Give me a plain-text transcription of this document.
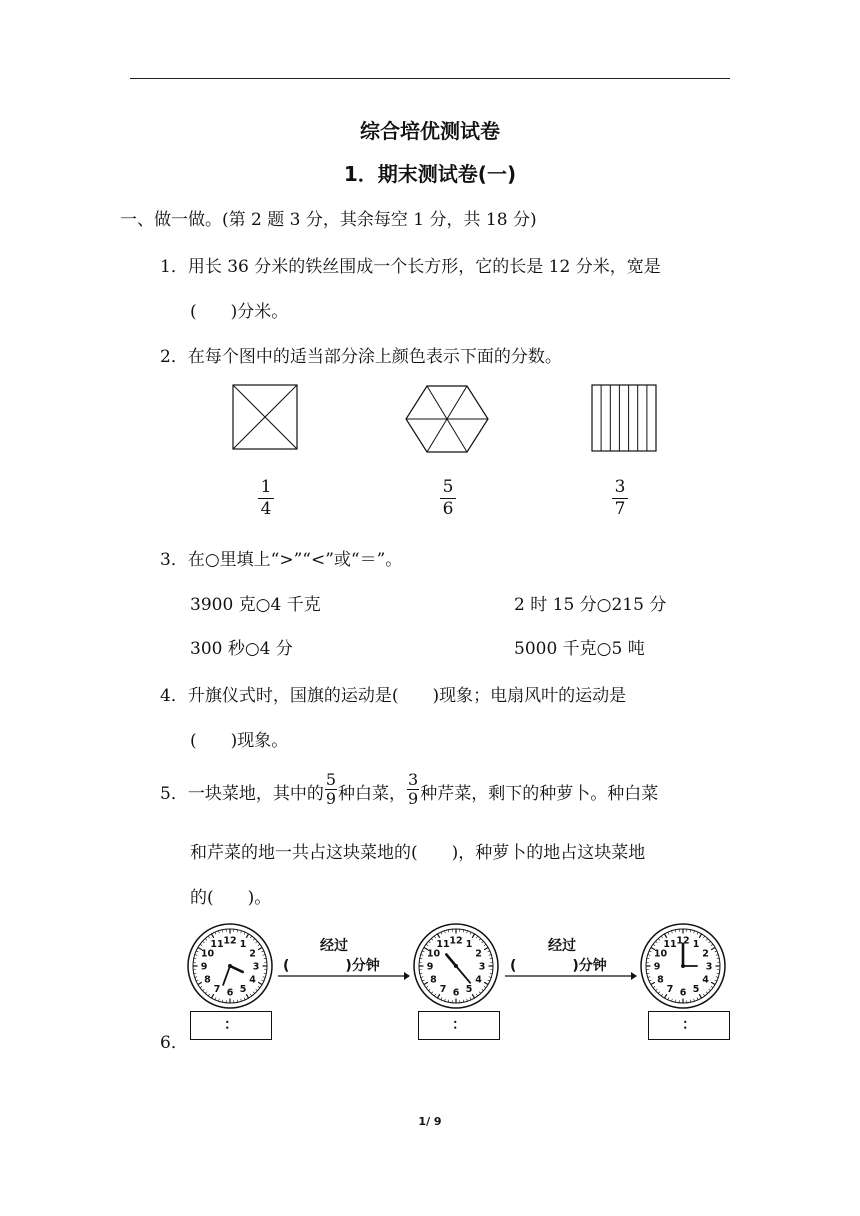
综合培优测试卷
1．期末测试卷(一)
一、做一做。(第 2 题 3 分，其余每空 1 分，共 18 分)
1．用长 36 分米的铁丝围成一个长方形，它的长是 12 分米，宽是
(　　)分米。
2．在每个图中的适当部分涂上颜色表示下面的分数。
$\frac{1}{4}$	$\frac{5}{6}$	$\frac{3}{7}$
3．在○里填上“>”“<”或“＝”。
3900 克○4 千克	2 时 15 分○215 分
300 秒○4 分	5000 千克○5 吨
4．升旗仪式时，国旗的运动是(　　)现象；电扇风叶的运动是
(　　)现象。
5．一块菜地，其中的 $\frac{5}{9}$ 种白菜， $\frac{3}{9}$ 种芹菜，剩下的种萝卜。种白菜
和芹菜的地一共占这块菜地的(　　)，种萝卜的地占这块菜地
的(　　)。
6．
12 1
2
3
4
5
6
7
8
9
10
11	12 1
2
3
4
5
6
7
8
9
10
11	12 1
2
3
4
5
6
7
8
9
10
11
经过
(　　　　)分钟
经过
(　　　　)分钟
：	：	：
1/ 9
